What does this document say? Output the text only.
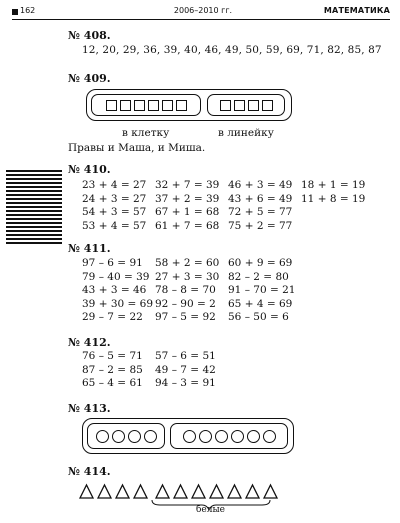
162	2006–2010 гг.	МАТЕМАТИКА
№ 408.
12, 20, 29, 36, 39, 40, 46, 49, 50, 59, 69, 71, 82, 85, 87
№ 409.
в клетку	в линейку
Правы и Маша, и Миша.
№ 410.
23 + 4 = 27 32 + 7 = 39 46 + 3 = 49 18 + 1 = 19
24 + 3 = 27 37 + 2 = 39 43 + 6 = 49 11 + 8 = 19
54 + 3 = 57 67 + 1 = 68 72 + 5 = 77
53 + 4 = 57 61 + 7 = 68 75 + 2 = 77
№ 411.
97 – 6 = 91 58 + 2 = 60 60 + 9 = 69
79 – 40 = 39 27 + 3 = 30 82 – 2 = 80
43 + 3 = 46 78 – 8 = 70 91 – 70 = 21
39 + 30 = 69 92 – 90 = 2 65 + 4 = 69
29 – 7 = 22 97 – 5 = 92 56 – 50 = 6
№ 412.
76 – 5 = 71 57 – 6 = 51
87 – 2 = 85 49 – 7 = 42
65 – 4 = 61 94 – 3 = 91
№ 413.
№ 414.
белые
